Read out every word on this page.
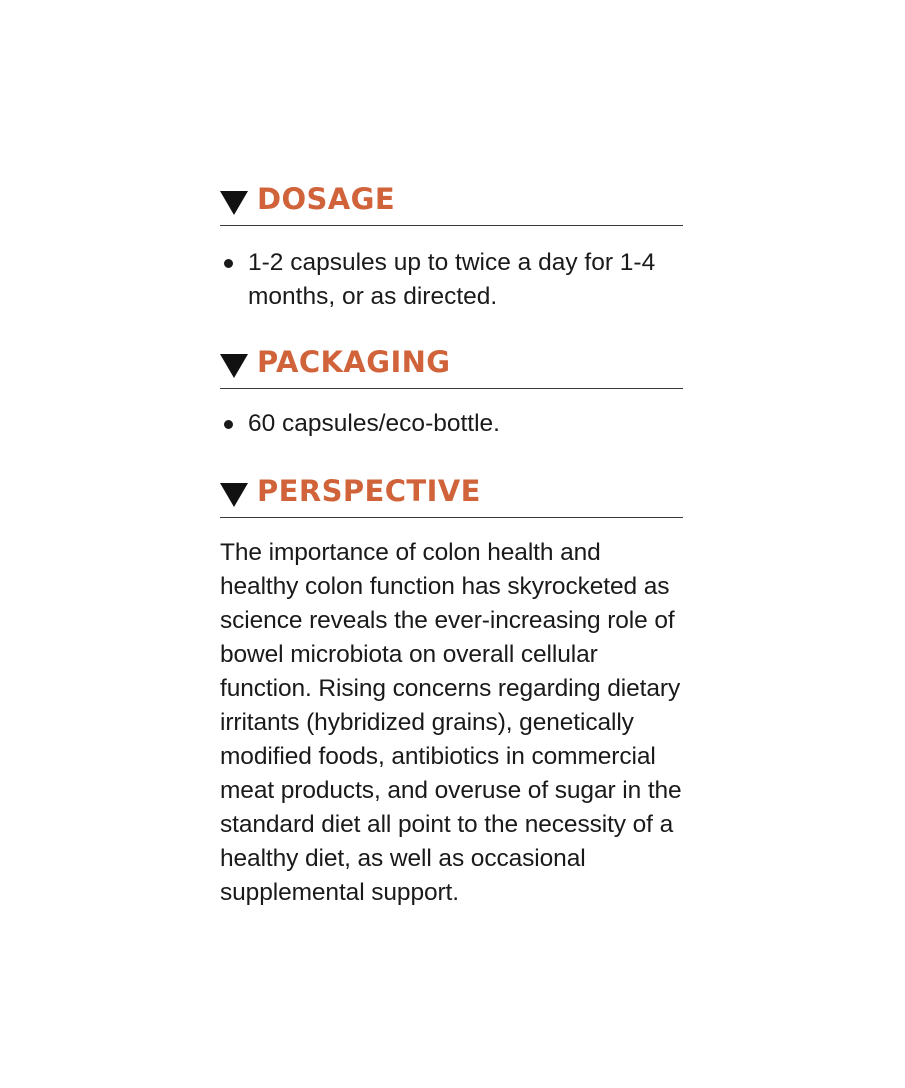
DOSAGE
1-2 capsules up to twice a day for 1-4 months, or as directed.
PACKAGING
60 capsules/eco-bottle.
PERSPECTIVE

The importance of colon health and healthy colon function has skyrocketed as science reveals the ever-increasing role of bowel microbiota on overall cellular function. Rising concerns regarding dietary irritants (hybridized grains), genetically modified foods, antibiotics in commercial meat products, and overuse of sugar in the standard diet all point to the necessity of a healthy diet, as well as occasional supplemental support.
